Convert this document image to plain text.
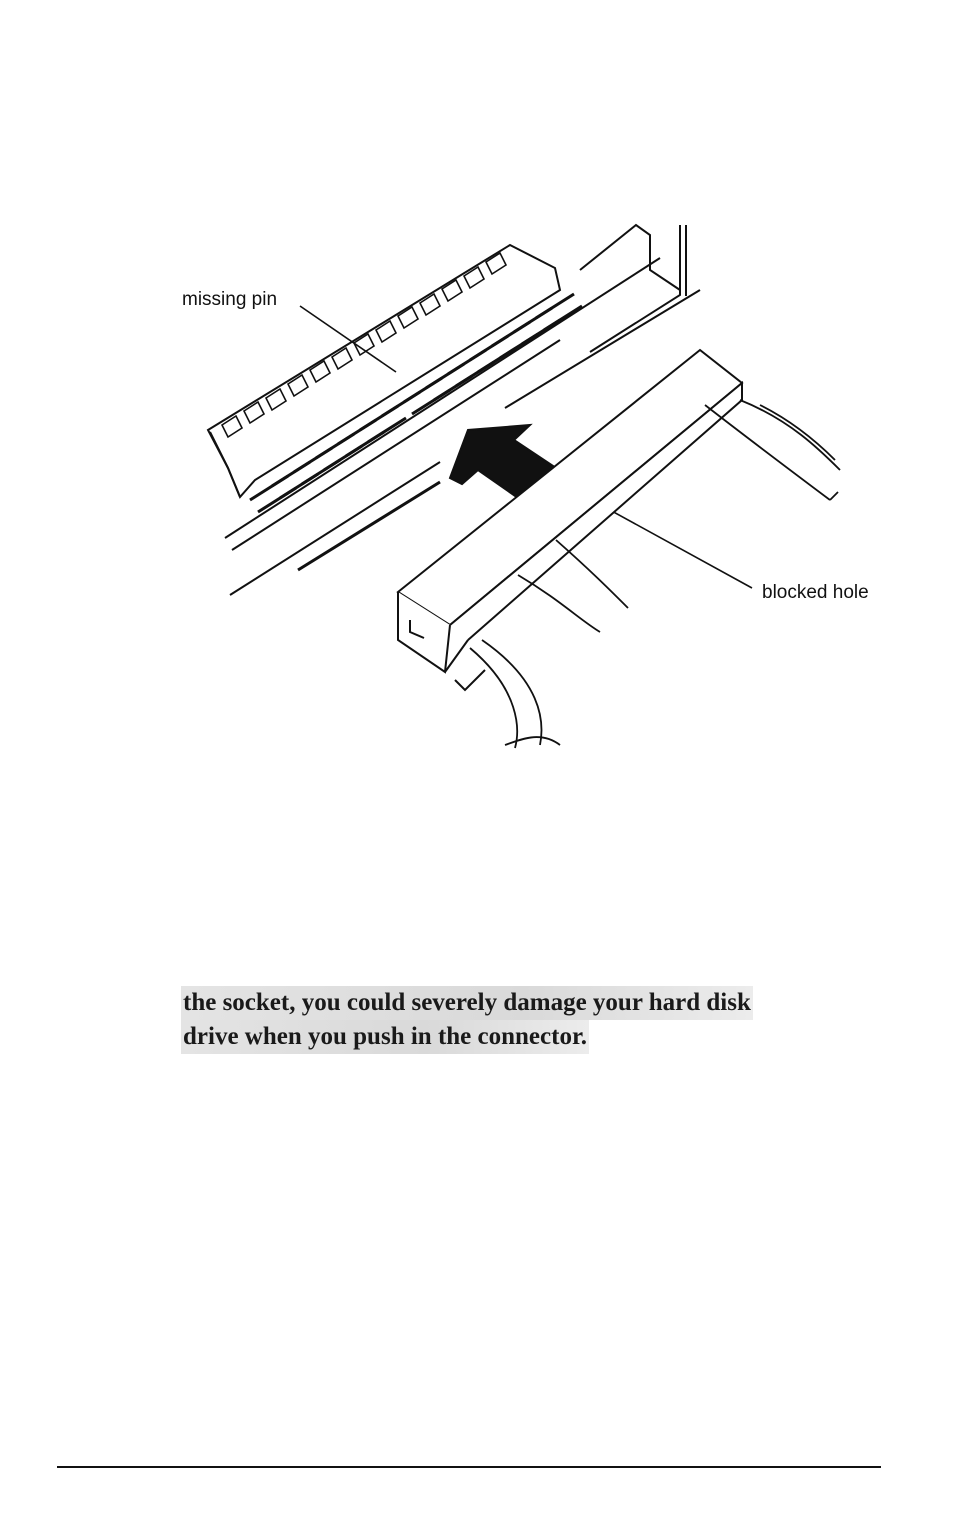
missing pin
blocked hole
the socket, you could severely damage your hard disk
drive when you push in the connector.
